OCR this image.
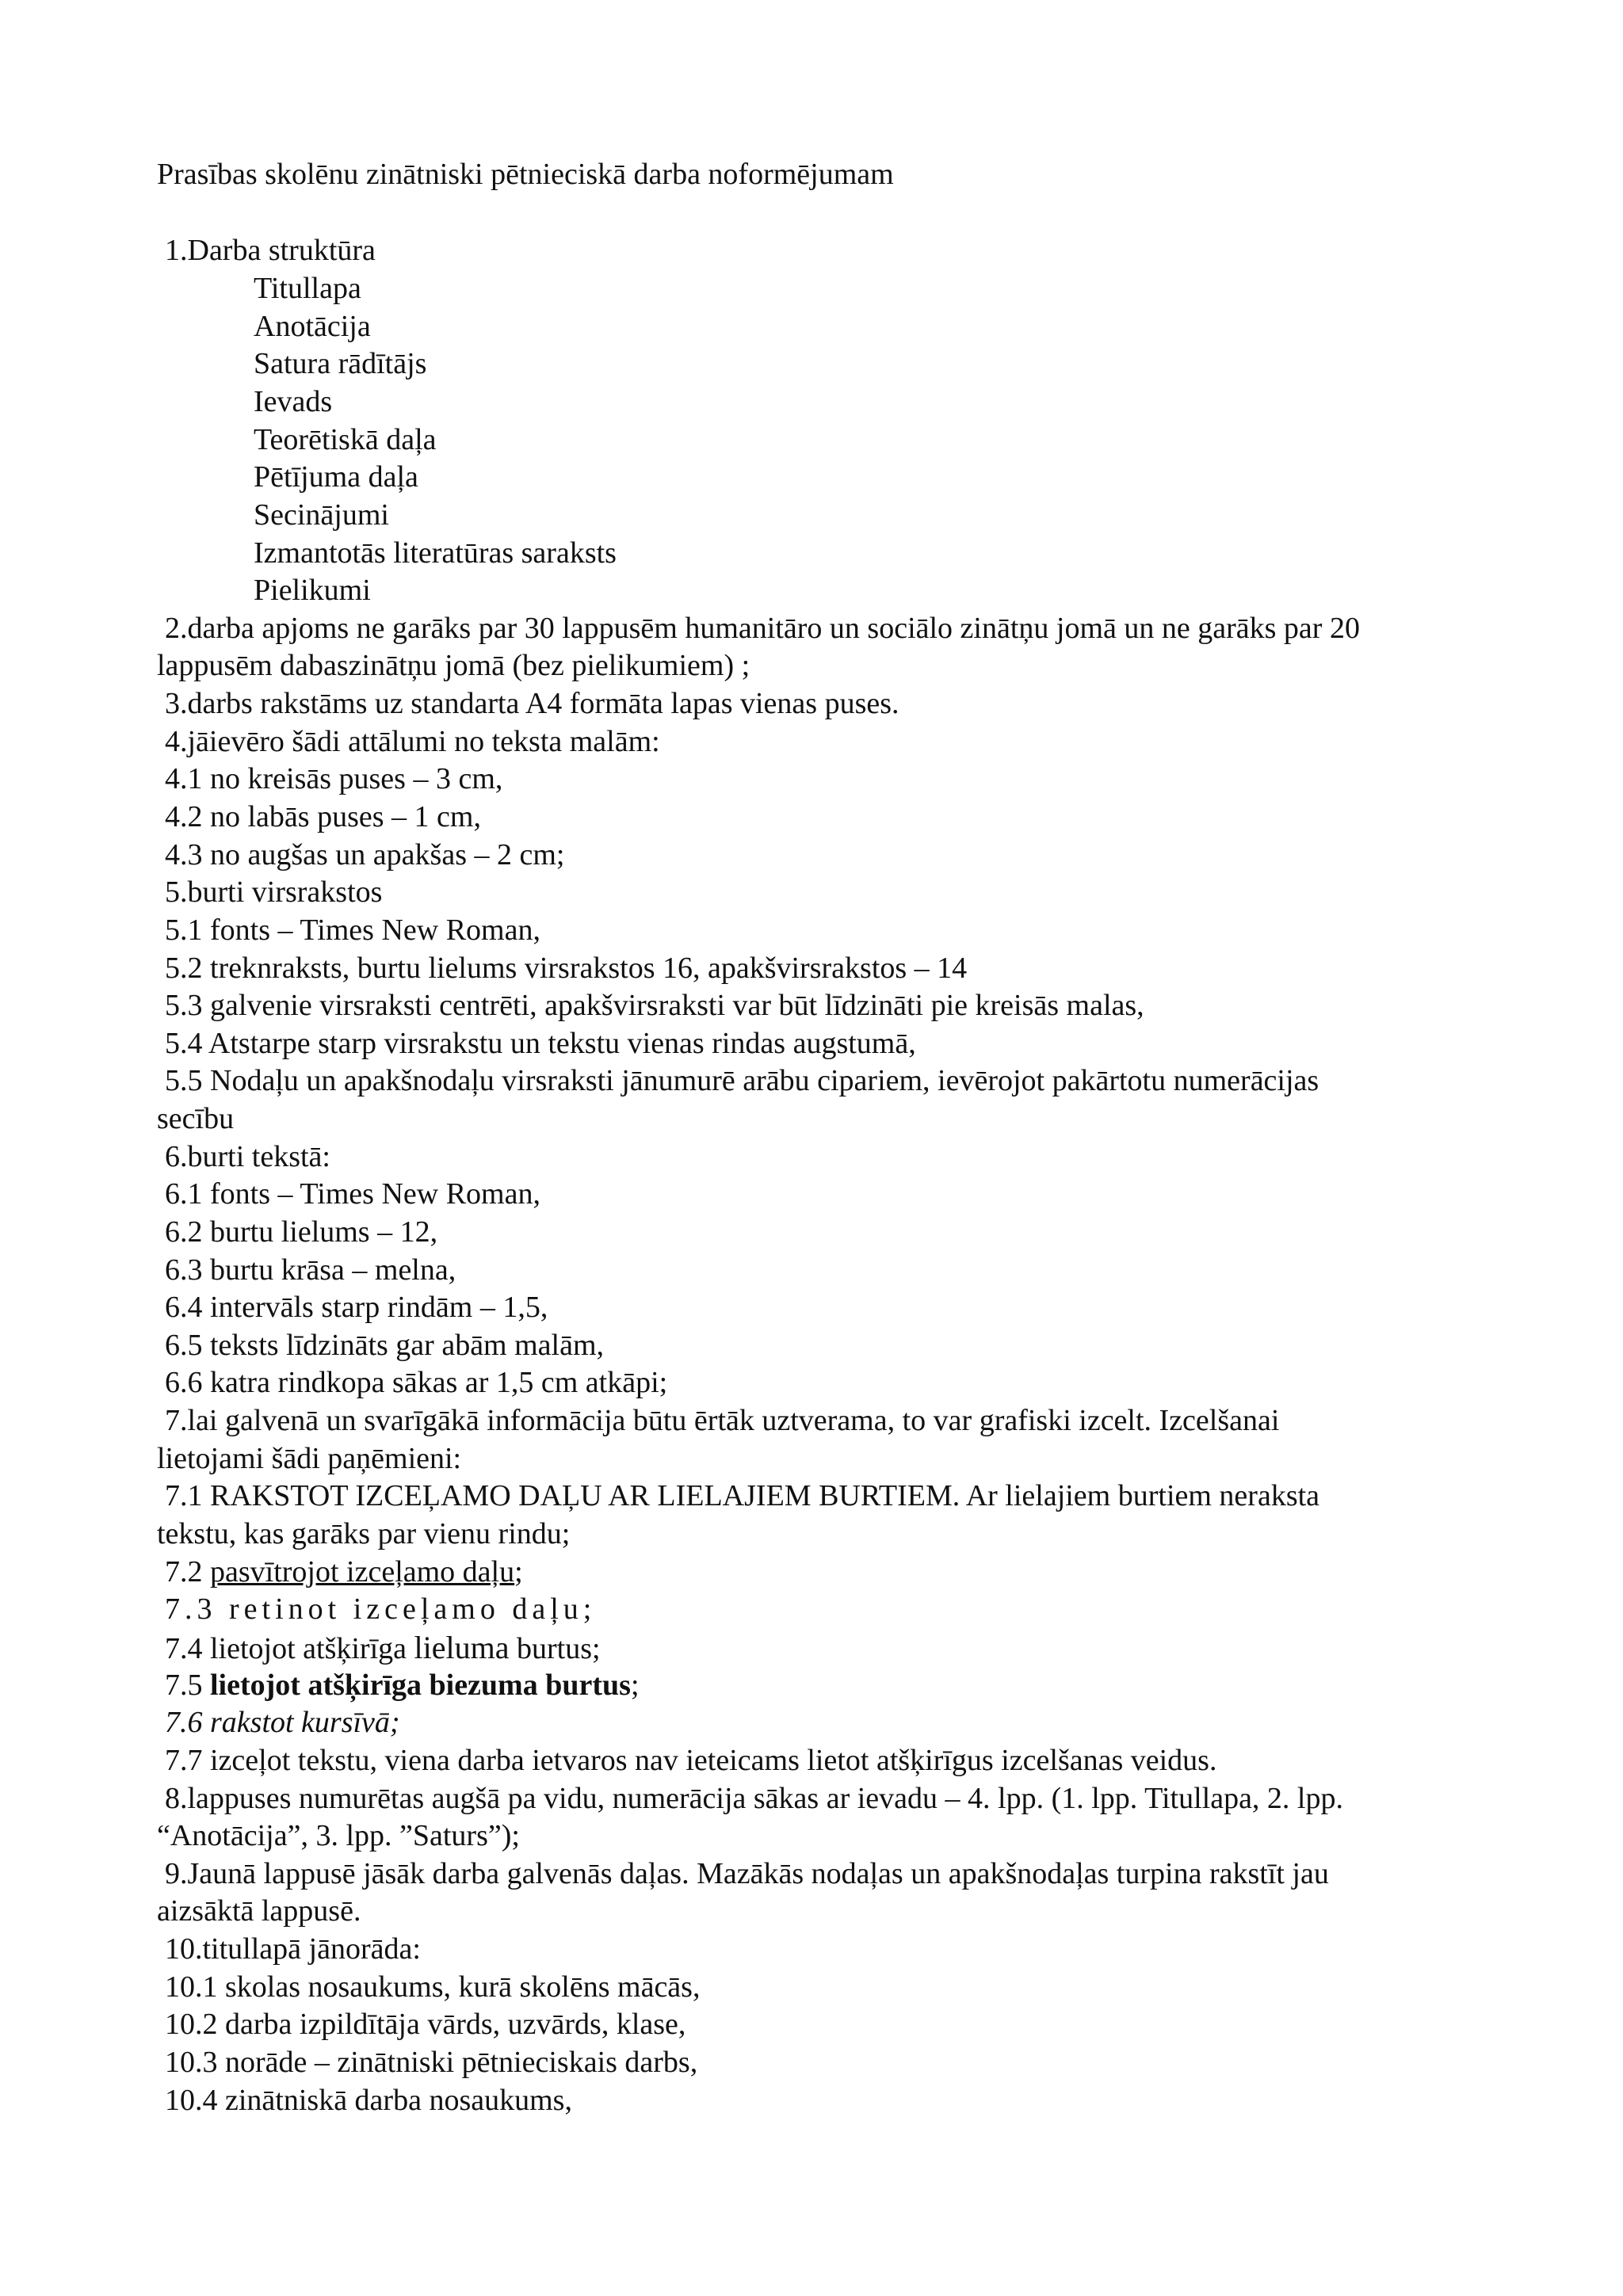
Prasības skolēnu zinātniski pētnieciskā darba noformējumam
1.Darba struktūra
Titullapa
Anotācija
Satura rādītājs
Ievads
Teorētiskā daļa
Pētījuma daļa
Secinājumi
Izmantotās literatūras saraksts
Pielikumi
2.darba apjoms ne garāks par 30 lappusēm humanitāro un sociālo zinātņu jomā un ne garāks par 20
lappusēm dabaszinātņu jomā (bez pielikumiem) ;
3.darbs rakstāms uz standarta A4 formāta lapas vienas puses.
4.jāievēro šādi attālumi no teksta malām:
4.1 no kreisās puses – 3 cm,
4.2 no labās puses – 1 cm,
4.3 no augšas un apakšas – 2 cm;
5.burti virsrakstos
5.1 fonts – Times New Roman,
5.2 treknraksts, burtu lielums virsrakstos 16, apakšvirsrakstos – 14
5.3 galvenie virsraksti centrēti, apakšvirsraksti var būt līdzināti pie kreisās malas,
5.4 Atstarpe starp virsrakstu un tekstu vienas rindas augstumā,
5.5 Nodaļu un apakšnodaļu virsraksti jānumurē arābu cipariem, ievērojot pakārtotu numerācijas
secību
6.burti tekstā:
6.1 fonts – Times New Roman,
6.2 burtu lielums – 12,
6.3 burtu krāsa – melna,
6.4 intervāls starp rindām – 1,5,
6.5 teksts līdzināts gar abām malām,
6.6 katra rindkopa sākas ar 1,5 cm atkāpi;
7.lai galvenā un svarīgākā informācija būtu ērtāk uztverama, to var grafiski izcelt. Izcelšanai
lietojami šādi paņēmieni:
7.1 RAKSTOT IZCEĻAMO DAĻU AR LIELAJIEM BURTIEM. Ar lielajiem burtiem neraksta
tekstu, kas garāks par vienu rindu;
7.2 pasvītrojot izceļamo daļu;
7.3 retinot izceļamo daļu;
7.4 lietojot atšķirīga lieluma burtus;
7.5 lietojot atšķirīga biezuma burtus;
7.6 rakstot kursīvā;
7.7 izceļot tekstu, viena darba ietvaros nav ieteicams lietot atšķirīgus izcelšanas veidus.
8.lappuses numurētas augšā pa vidu, numerācija sākas ar ievadu – 4. lpp. (1. lpp. Titullapa, 2. lpp.
“Anotācija”, 3. lpp. ”Saturs”);
9.Jaunā lappusē jāsāk darba galvenās daļas. Mazākās nodaļas un apakšnodaļas turpina rakstīt jau
aizsāktā lappusē.
10.titullapā jānorāda:
10.1 skolas nosaukums, kurā skolēns mācās,
10.2 darba izpildītāja vārds, uzvārds, klase,
10.3 norāde – zinātniski pētnieciskais darbs,
10.4 zinātniskā darba nosaukums,
